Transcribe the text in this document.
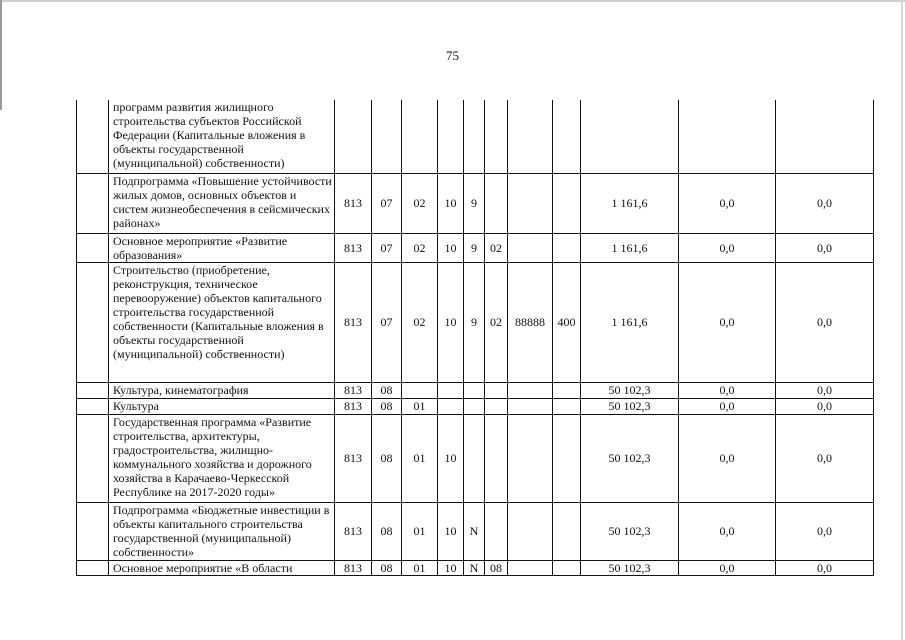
75
	программ развития жилищного строительства субъектов Российской Федерации (Капитальные вложения в объекты государственной (муниципальной) собственности)											
	Подпрограмма «Повышение устойчивости жилых домов, основных объектов и систем жизнеобеспечения в сейсмических районах»	813	07	02	10	9				1 161,6	0,0	0,0
	Основное мероприятие «Развитие образования»	813	07	02	10	9	02			1 161,6	0,0	0,0
	Строительство (приобретение, реконструкция, техническое перевооружение) объектов капитального строительства государственной собственности (Капитальные вложения в объекты государственной (муниципальной) собственности)	813	07	02	10	9	02	88888	400	1 161,6	0,0	0,0
	Культура, кинематография	813	08							50 102,3	0,0	0,0
	Культура	813	08	01						50 102,3	0,0	0,0
	Государственная программа «Развитие строительства, архитектуры, градостроительства, жилищно-коммунального хозяйства и дорожного хозяйства в Карачаево-Черкесской Республике на 2017-2020 годы»	813	08	01	10					50 102,3	0,0	0,0
	Подпрограмма «Бюджетные инвестиции в объекты капитального строительства государственной (муниципальной) собственности»	813	08	01	10	N				50 102,3	0,0	0,0
	Основное мероприятие «В области	813	08	01	10	N	08			50 102,3	0,0	0,0
